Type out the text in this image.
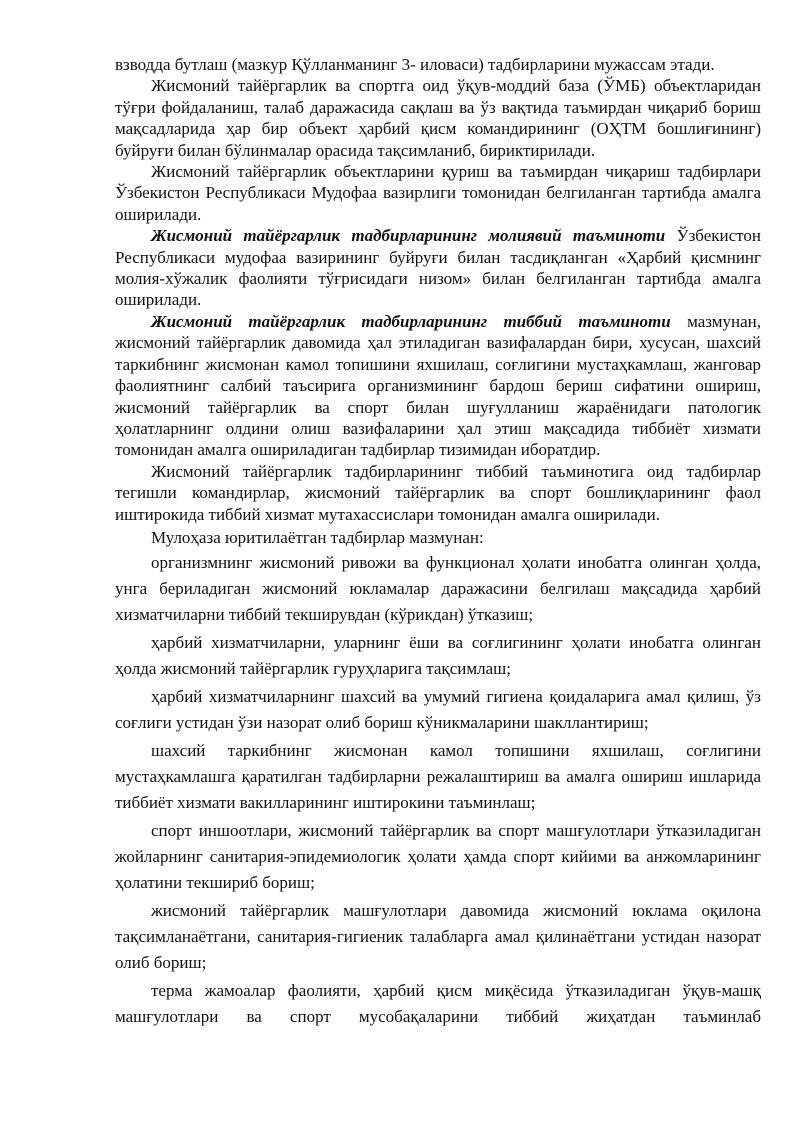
взводда бутлаш (мазкур Қўлланманинг 3- иловаси) тадбирларини мужассам этади.

Жисмоний тайёргарлик ва спортга оид ўқув-моддий база (ЎМБ) объектларидан тўғри фойдаланиш, талаб даражасида сақлаш ва ўз вақтида таъмирдан чиқариб бориш мақсадларида ҳар бир объект ҳарбий қисм командирининг (ОҲТМ бошлиғининг) буйруғи билан бўлинмалар орасида тақсимланиб, бириктирилади.

Жисмоний тайёргарлик объектларини қуриш ва таъмирдан чиқариш тадбирлари Ўзбекистон Республикаси Мудофаа вазирлиги томонидан белгиланган тартибда амалга оширилади.

Жисмоний тайёргарлик тадбирларининг молиявий таъминоти Ўзбекистон Республикаси мудофаа вазирининг буйруғи билан тасдиқланган «Ҳарбий қисмнинг молия-хўжалик фаолияти тўғрисидаги низом» билан белгиланган тартибда амалга оширилади.

Жисмоний тайёргарлик тадбирларининг тиббий таъминоти мазмунан, жисмоний тайёргарлик давомида ҳал этиладиган вазифалардан бири, хусусан, шахсий таркибнинг жисмонан камол топишини яхшилаш, соғлигини мустаҳкамлаш, жанговар фаолиятнинг салбий таъсирига организмининг бардош бериш сифатини ошириш, жисмоний тайёргарлик ва спорт билан шуғулланиш жараёнидаги патологик ҳолатларнинг олдини олиш вазифаларини ҳал этиш мақсадида тиббиёт хизмати томонидан амалга ошириладиган тадбирлар тизимидан иборатдир.

Жисмоний тайёргарлик тадбирларининг тиббий таъминотига оид тадбирлар тегишли командирлар, жисмоний тайёргарлик ва спорт бошлиқларининг фаол иштирокида тиббий хизмат мутахассислари томонидан амалга оширилади.

Мулоҳаза юритилаётган тадбирлар мазмунан:

организмнинг жисмоний ривожи ва функционал ҳолати инобатга олинган ҳолда, унга бериладиган жисмоний юкламалар даражасини белгилаш мақсадида ҳарбий хизматчиларни тиббий текширувдан (кўрикдан) ўтказиш;

ҳарбий хизматчиларни, уларнинг ёши ва соғлигининг ҳолати инобатга олинган ҳолда жисмоний тайёргарлик гуруҳларига тақсимлаш;

ҳарбий хизматчиларнинг шахсий ва умумий гигиена қоидаларига амал қилиш, ўз соғлиги устидан ўзи назорат олиб бориш кўникмаларини шакллантириш;

шахсий таркибнинг жисмонан камол топишини яхшилаш, соғлигини мустаҳкамлашга қаратилган тадбирларни режалаштириш ва амалга ошириш ишларида тиббиёт хизмати вакилларининг иштирокини таъминлаш;

спорт иншоотлари, жисмоний тайёргарлик ва спорт машғулотлари ўтказиладиган жойларнинг санитария-эпидемиологик ҳолати ҳамда спорт кийими ва анжомларининг ҳолатини текшириб бориш;

жисмоний тайёргарлик машғулотлари давомида жисмоний юклама оқилона тақсимланаётгани, санитария-гигиеник талабларга амал қилинаётгани устидан назорат олиб бориш;

терма жамоалар фаолияти, ҳарбий қисм миқёсида ўтказиладиган ўқув-машқ машғулотлари ва спорт мусобақаларини тиббий жиҳатдан таъминлаб
